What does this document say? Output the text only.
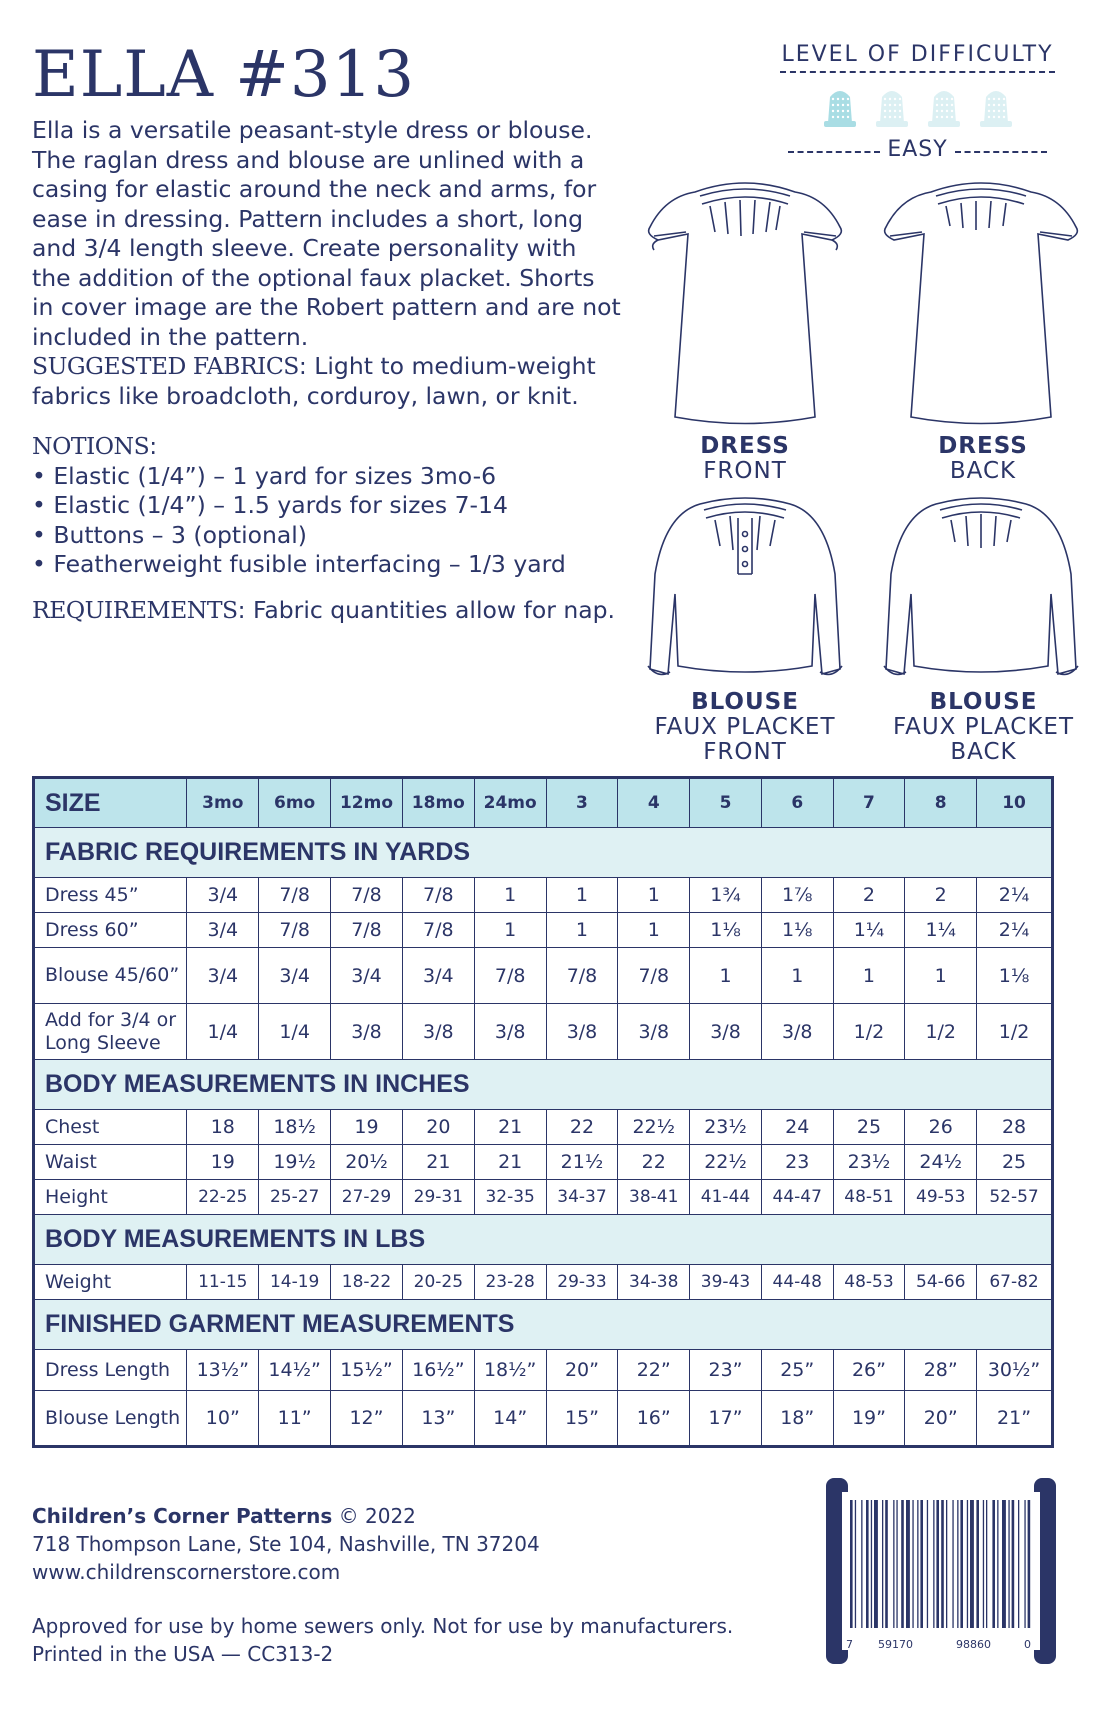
ELLA #313

Ella is a versatile peasant-style dress or blouse. The raglan dress and blouse are unlined with a casing for elastic around the neck and arms, for ease in dressing. Pattern includes a short, long and 3/4 length sleeve. Create personality with the addition of the optional faux placket. Shorts in cover image are the Robert pattern and are not included in the pattern.

SUGGESTED FABRICS: Light to medium-weight fabrics like broadcloth, corduroy, lawn, or knit.
NOTIONS:
• Elastic (1/4”) – 1 yard for sizes 3mo-6
• Elastic (1/4”) – 1.5 yards for sizes 7-14
• Buttons – 3 (optional)
• Featherweight fusible interfacing – 1/3 yard
REQUIREMENTS: Fabric quantities allow for nap.
LEVEL OF DIFFICULTY
EASY
DRESS
FRONT
DRESS
BACK
BLOUSE
FAUX PLACKET
FRONT
BLOUSE
FAUX PLACKET
BACK
SIZE	3mo	6mo	12mo	18mo	24mo	3	4	5	6	7	8	10
FABRIC REQUIREMENTS IN YARDS												
Dress 45”	3/4	7/8	7/8	7/8	1	1	1	1¾	1⅞	2	2	2¼
Dress 60”	3/4	7/8	7/8	7/8	1	1	1	1⅛	1⅛	1¼	1¼	2¼
Blouse 45/60”	3/4	3/4	3/4	3/4	7/8	7/8	7/8	1	1	1	1	1⅛
Add for 3/4 or Long Sleeve	1/4	1/4	3/8	3/8	3/8	3/8	3/8	3/8	3/8	1/2	1/2	1/2
BODY MEASUREMENTS IN INCHES												
Chest	18	18½	19	20	21	22	22½	23½	24	25	26	28
Waist	19	19½	20½	21	21	21½	22	22½	23	23½	24½	25
Height	22-25	25-27	27-29	29-31	32-35	34-37	38-41	41-44	44-47	48-51	49-53	52-57
BODY MEASUREMENTS IN LBS												
Weight	11-15	14-19	18-22	20-25	23-28	29-33	34-38	39-43	44-48	48-53	54-66	67-82
FINISHED GARMENT MEASUREMENTS												
Dress Length	13½”	14½”	15½”	16½”	18½”	20”	22”	23”	25”	26”	28”	30½”
Blouse Length	10”	11”	12”	13”	14”	15”	16”	17”	18”	19”	20”	21”
Children’s Corner Patterns © 2022
718 Thompson Lane, Ste 104, Nashville, TN 37204
www.childrenscornerstore.com
Approved for use by home sewers only. Not for use by manufacturers.
Printed in the USA — CC313-2	7 59170	98860	0
